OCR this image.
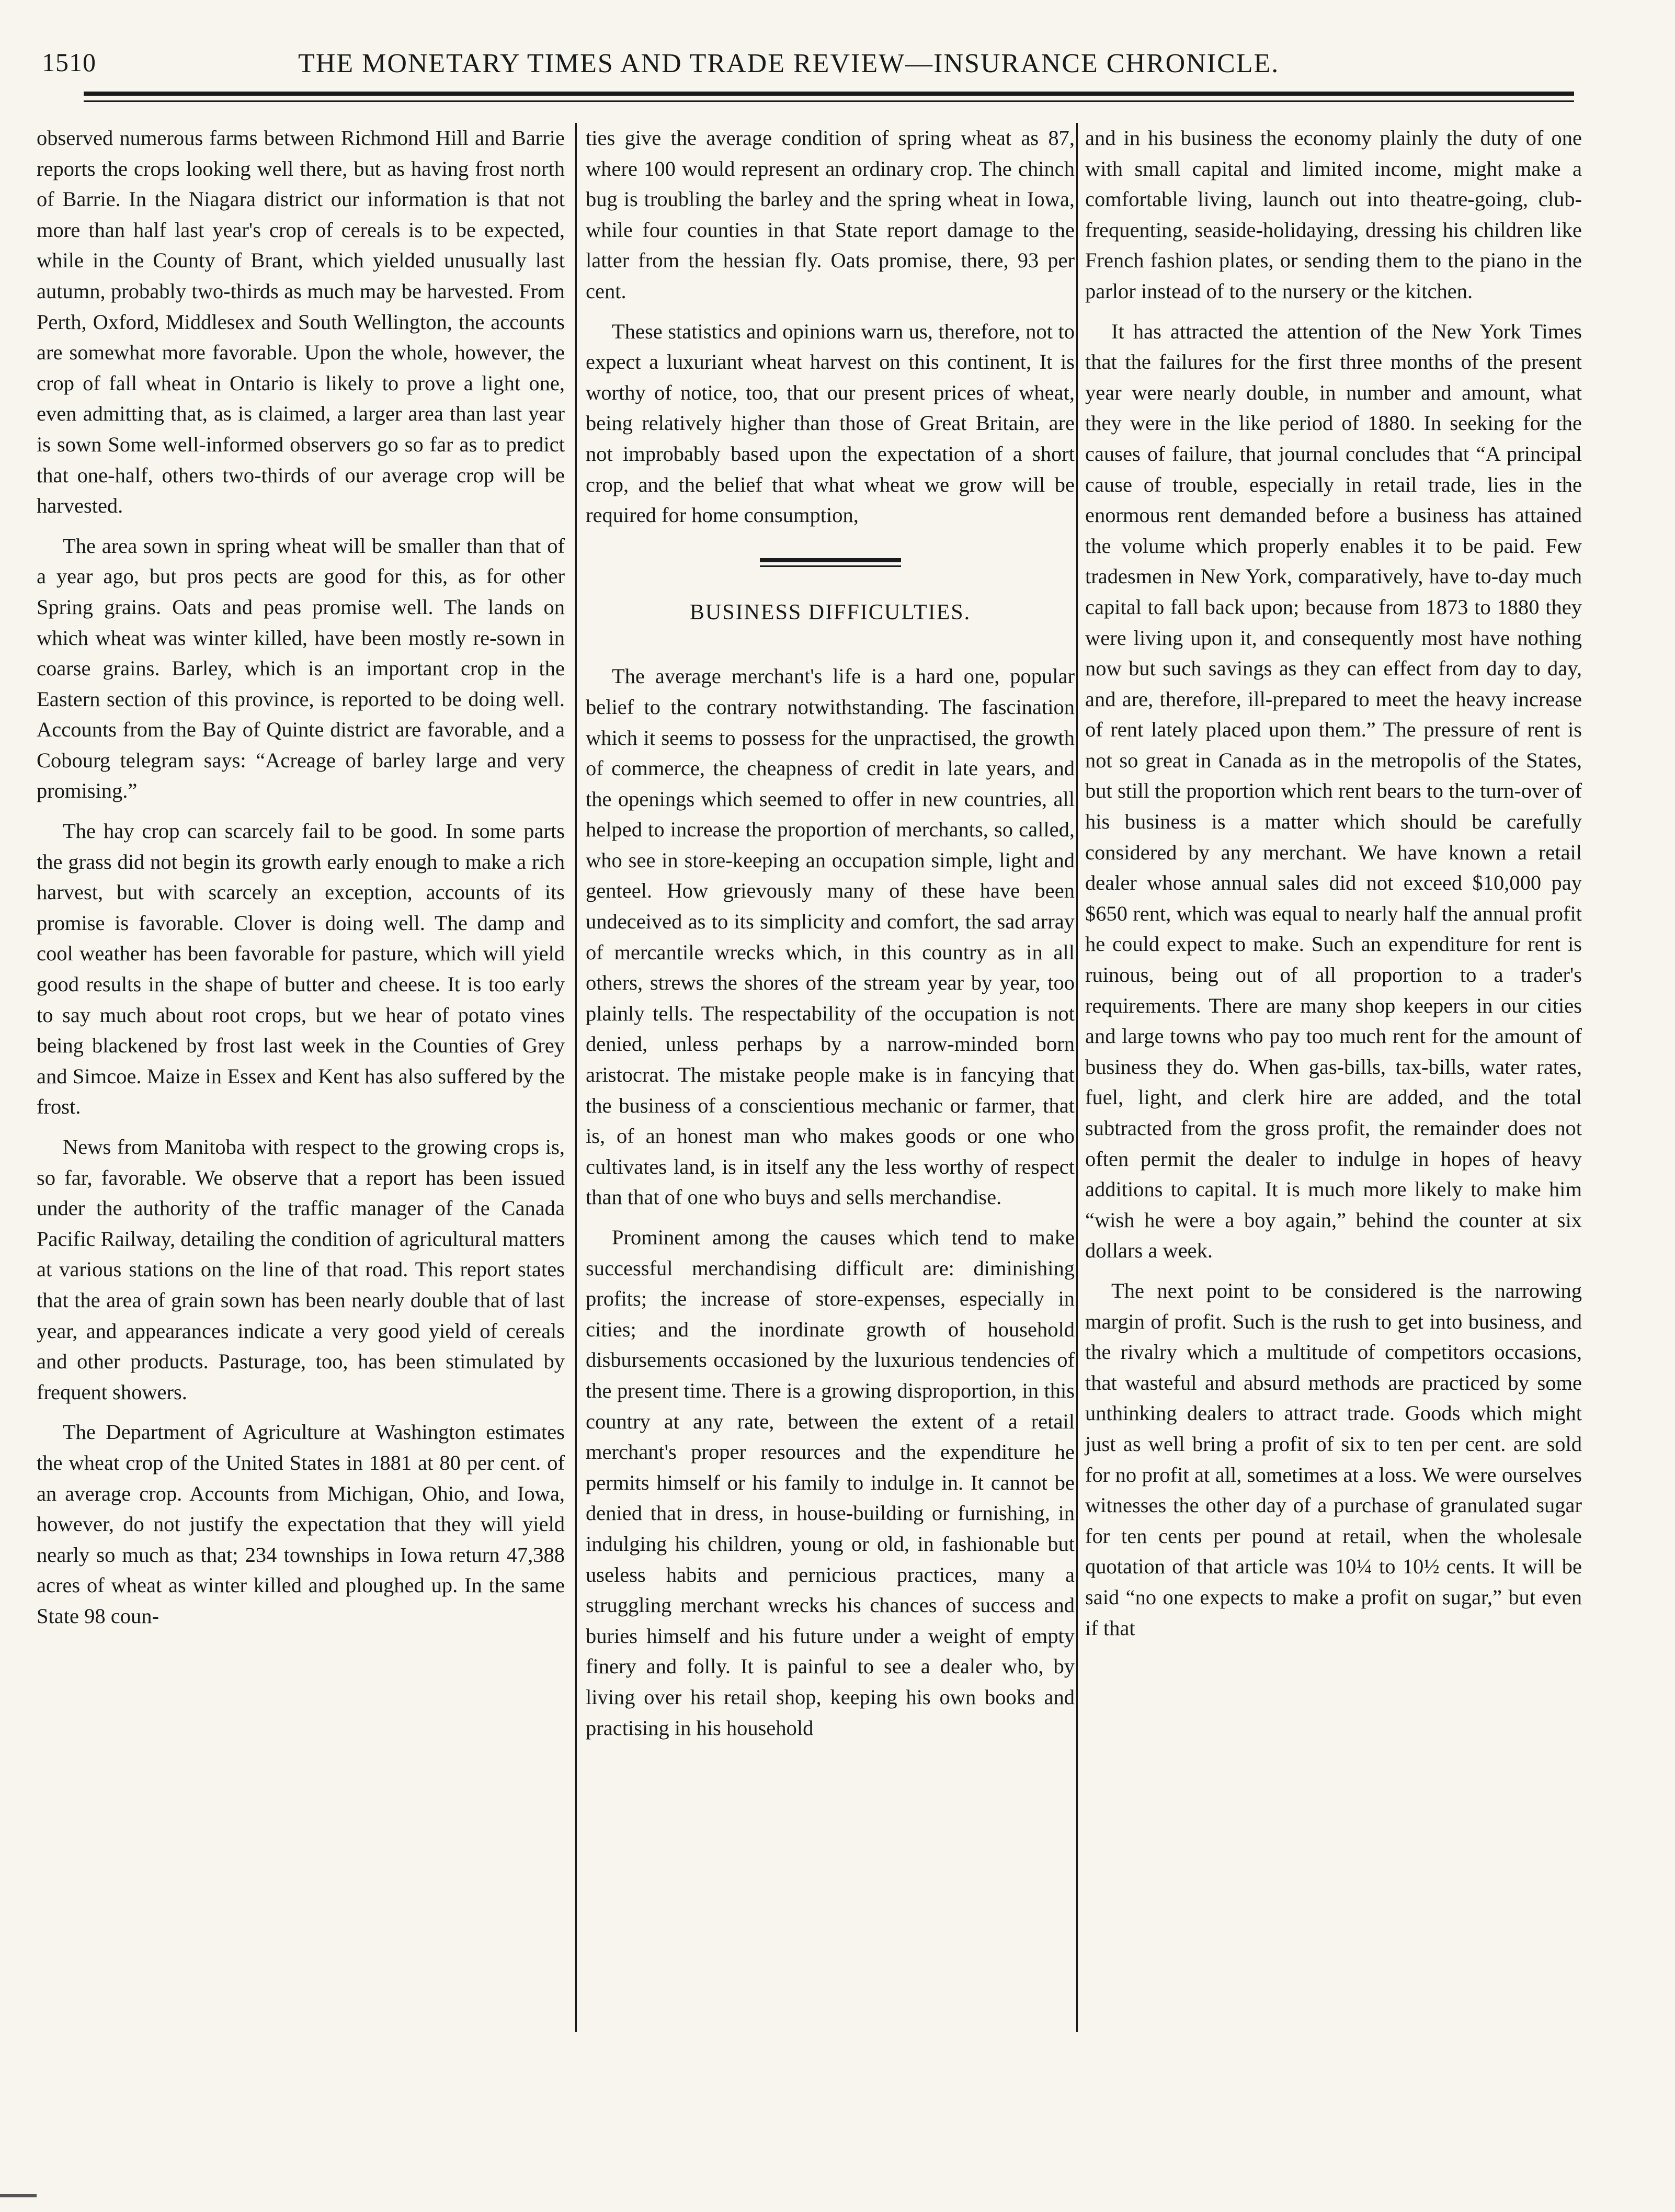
1510	THE MONETARY TIMES AND TRADE REVIEW—INSURANCE CHRONICLE.

observed numerous farms between Richmond Hill and Barrie reports the crops looking well there, but as having frost north of Barrie. In the Niagara district our information is that not more than half last year's crop of cereals is to be expected, while in the County of Brant, which yielded unusually last autumn, probably two-thirds as much may be harvested. From Perth, Oxford, Middlesex and South Wellington, the accounts are somewhat more favorable. Upon the whole, however, the crop of fall wheat in Ontario is likely to prove a light one, even admitting that, as is claimed, a larger area than last year is sown Some well-informed observers go so far as to predict that one-half, others two-thirds of our average crop will be harvested.

The area sown in spring wheat will be smaller than that of a year ago, but pros pects are good for this, as for other Spring grains. Oats and peas promise well. The lands on which wheat was winter killed, have been mostly re-sown in coarse grains. Barley, which is an important crop in the Eastern section of this province, is reported to be doing well. Accounts from the Bay of Quinte district are favorable, and a Cobourg telegram says: “Acreage of barley large and very promising.”

The hay crop can scarcely fail to be good. In some parts the grass did not begin its growth early enough to make a rich harvest, but with scarcely an exception, accounts of its promise is favorable. Clover is doing well. The damp and cool weather has been favorable for pasture, which will yield good results in the shape of butter and cheese. It is too early to say much about root crops, but we hear of potato vines being blackened by frost last week in the Counties of Grey and Simcoe. Maize in Essex and Kent has also suffered by the frost.

News from Manitoba with respect to the growing crops is, so far, favorable. We observe that a report has been issued under the authority of the traffic manager of the Canada Pacific Railway, detailing the condition of agricultural matters at various stations on the line of that road. This report states that the area of grain sown has been nearly double that of last year, and appearances indicate a very good yield of cereals and other products. Pasturage, too, has been stimulated by frequent showers.

The Department of Agriculture at Washington estimates the wheat crop of the United States in 1881 at 80 per cent. of an average crop. Accounts from Michigan, Ohio, and Iowa, however, do not justify the expectation that they will yield nearly so much as that; 234 townships in Iowa return 47,388 acres of wheat as winter killed and ploughed up. In the same State 98 coun-

ties give the average condition of spring wheat as 87, where 100 would represent an ordinary crop. The chinch bug is troubling the barley and the spring wheat in Iowa, while four counties in that State report damage to the latter from the hessian fly. Oats promise, there, 93 per cent.

These statistics and opinions warn us, therefore, not to expect a luxuriant wheat harvest on this continent, It is worthy of notice, too, that our present prices of wheat, being relatively higher than those of Great Britain, are not improbably based upon the expectation of a short crop, and the belief that what wheat we grow will be required for home consumption,

BUSINESS DIFFICULTIES.

The average merchant's life is a hard one, popular belief to the contrary notwithstanding. The fascination which it seems to possess for the unpractised, the growth of commerce, the cheapness of credit in late years, and the openings which seemed to offer in new countries, all helped to increase the proportion of merchants, so called, who see in store-keeping an occupation simple, light and genteel. How grievously many of these have been undeceived as to its simplicity and comfort, the sad array of mercantile wrecks which, in this country as in all others, strews the shores of the stream year by year, too plainly tells. The respectability of the occupation is not denied, unless perhaps by a narrow-minded born aristocrat. The mistake people make is in fancying that the business of a conscientious mechanic or farmer, that is, of an honest man who makes goods or one who cultivates land, is in itself any the less worthy of respect than that of one who buys and sells merchandise.

Prominent among the causes which tend to make successful merchandising difficult are: diminishing profits; the increase of store-expenses, especially in cities; and the inordinate growth of household disbursements occasioned by the luxurious tendencies of the present time. There is a growing disproportion, in this country at any rate, between the extent of a retail merchant's proper resources and the expenditure he permits himself or his family to indulge in. It cannot be denied that in dress, in house-building or furnishing, in indulging his children, young or old, in fashionable but useless habits and pernicious practices, many a struggling merchant wrecks his chances of success and buries himself and his future under a weight of empty finery and folly. It is painful to see a dealer who, by living over his retail shop, keeping his own books and practising in his household

and in his business the economy plainly the duty of one with small capital and limited income, might make a comfortable living, launch out into theatre-going, club-frequenting, seaside-holidaying, dressing his children like French fashion plates, or sending them to the piano in the parlor instead of to the nursery or the kitchen.

It has attracted the attention of the New York Times that the failures for the first three months of the present year were nearly double, in number and amount, what they were in the like period of 1880. In seeking for the causes of failure, that journal concludes that “A principal cause of trouble, especially in retail trade, lies in the enormous rent demanded before a business has attained the volume which properly enables it to be paid. Few tradesmen in New York, comparatively, have to-day much capital to fall back upon; because from 1873 to 1880 they were living upon it, and consequently most have nothing now but such savings as they can effect from day to day, and are, therefore, ill-prepared to meet the heavy increase of rent lately placed upon them.” The pressure of rent is not so great in Canada as in the metropolis of the States, but still the proportion which rent bears to the turn-over of his business is a matter which should be carefully considered by any merchant. We have known a retail dealer whose annual sales did not exceed $10,000 pay $650 rent, which was equal to nearly half the annual profit he could expect to make. Such an expenditure for rent is ruinous, being out of all proportion to a trader's requirements. There are many shop keepers in our cities and large towns who pay too much rent for the amount of business they do. When gas-bills, tax-bills, water rates, fuel, light, and clerk hire are added, and the total subtracted from the gross profit, the remainder does not often permit the dealer to indulge in hopes of heavy additions to capital. It is much more likely to make him “wish he were a boy again,” behind the counter at six dollars a week.

The next point to be considered is the narrowing margin of profit. Such is the rush to get into business, and the rivalry which a multitude of competitors occasions, that wasteful and absurd methods are practiced by some unthinking dealers to attract trade. Goods which might just as well bring a profit of six to ten per cent. are sold for no profit at all, sometimes at a loss. We were ourselves witnesses the other day of a purchase of granulated sugar for ten cents per pound at retail, when the wholesale quotation of that article was 10¼ to 10½ cents. It will be said “no one expects to make a profit on sugar,” but even if that
